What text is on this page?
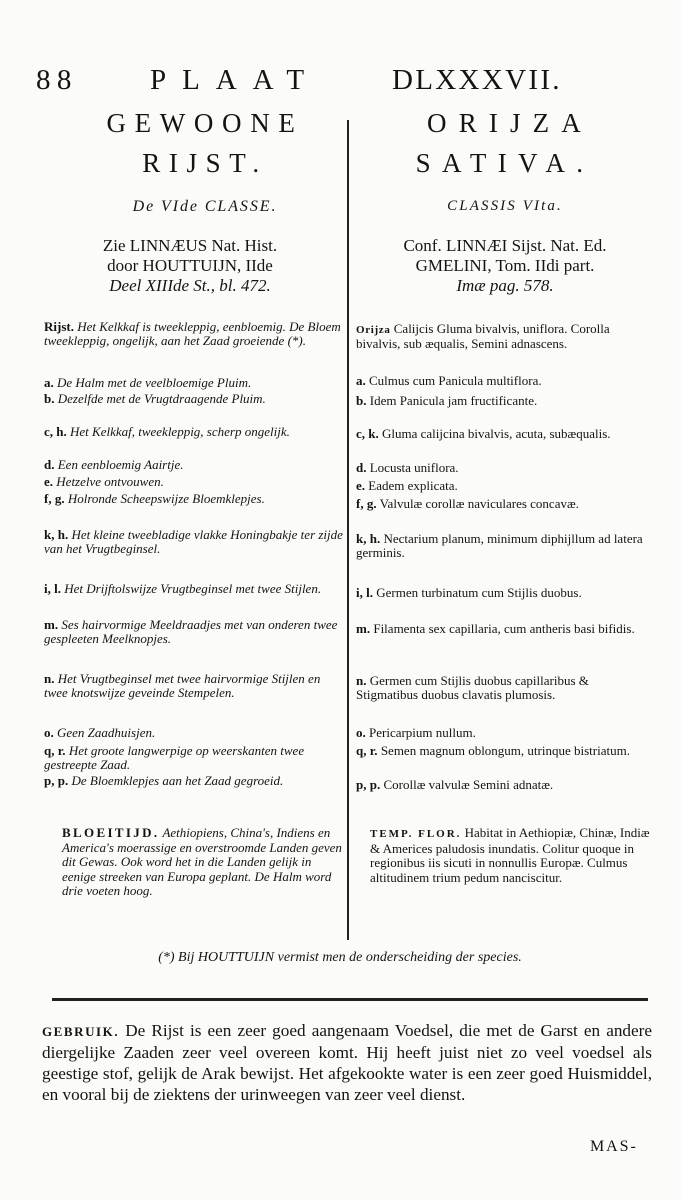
88 PLAAT DLXXXVII.
GEWOONE
RIJST.
De VIde CLASSE.
Zie LINNÆUS Nat. Hist.
door HOUTTUIJN, IIde
Deel XIIIde St., bl. 472.
ORIJZA
SATIVA.
CLASSIS VIta.
Conf. LINNÆI Sijst. Nat. Ed.
GMELINI, Tom. IIdi part.
Imæ pag. 578.
Rijst. Het Kelkkaf is tweekleppig, eenbloemig. De Bloem tweekleppig, ongelijk, aan het Zaad groeiende (*).
a. De Halm met de veelbloemige Pluim.
b. Dezelfde met de Vrugtdraagende Pluim.
c, h. Het Kelkkaf, tweekleppig, scherp ongelijk.
d. Een eenbloemig Aairtje.
e. Hetzelve ontvouwen.
f, g. Holronde Scheepswijze Bloemklepjes.
k, h. Het kleine tweebladige vlakke Honingbakje ter zijde van het Vrugtbeginsel.
i, l. Het Drijftolswijze Vrugtbeginsel met twee Stijlen.
m. Ses hairvormige Meeldraadjes met van onderen twee gespleeten Meelknopjes.
n. Het Vrugtbeginsel met twee hairvormige Stijlen en twee knotswijze geveinde Stempelen.
o. Geen Zaadhuisjen.
q, r. Het groote langwerpige op weerskanten twee gestreepte Zaad.
p, p. De Bloemklepjes aan het Zaad gegroeid.
Orijza Calijcis Gluma bivalvis, uniflora. Corolla bivalvis, sub æqualis, Semini adnascens.
a. Culmus cum Panicula multiflora.
b. Idem Panicula jam fructificante.
c, k. Gluma calijcina bivalvis, acuta, subæqualis.
d. Locusta uniflora.
e. Eadem explicata.
f, g. Valvulæ corollæ naviculares concavæ.
k, h. Nectarium planum, minimum diphijllum ad latera germinis.
i, l. Germen turbinatum cum Stijlis duobus.
m. Filamenta sex capillaria, cum antheris basi bifidis.
n. Germen cum Stijlis duobus capillaribus & Stigmatibus duobus clavatis plumosis.
o. Pericarpium nullum.
q, r. Semen magnum oblongum, utrinque bistriatum.
p, p. Corollæ valvulæ Semini adnatæ.
BLOEITIJD. Aethiopiens, China's, Indiens en America's moerassige en overstroomde Landen geven dit Gewas. Ook word het in die Landen gelijk in eenige streeken van Europa geplant. De Halm word drie voeten hoog.
TEMP. FLOR. Habitat in Aethiopiæ, Chinæ, Indiæ & Americes paludosis inundatis. Colitur quoque in regionibus iis sicuti in nonnullis Europæ. Culmus altitudinem trium pedum nanciscitur.
(*) Bij HOUTTUIJN vermist men de onderscheiding der species.
GEBRUIK. De Rijst is een zeer goed aangenaam Voedsel, die met de Garst en andere diergelijke Zaaden zeer veel overeen komt. Hij heeft juist niet zo veel voedsel als geestige stof, gelijk de Arak bewijst. Het afgekookte water is een zeer goed Huismiddel, en vooral bij de ziektens der urinweegen van zeer veel dienst.
MAS-
